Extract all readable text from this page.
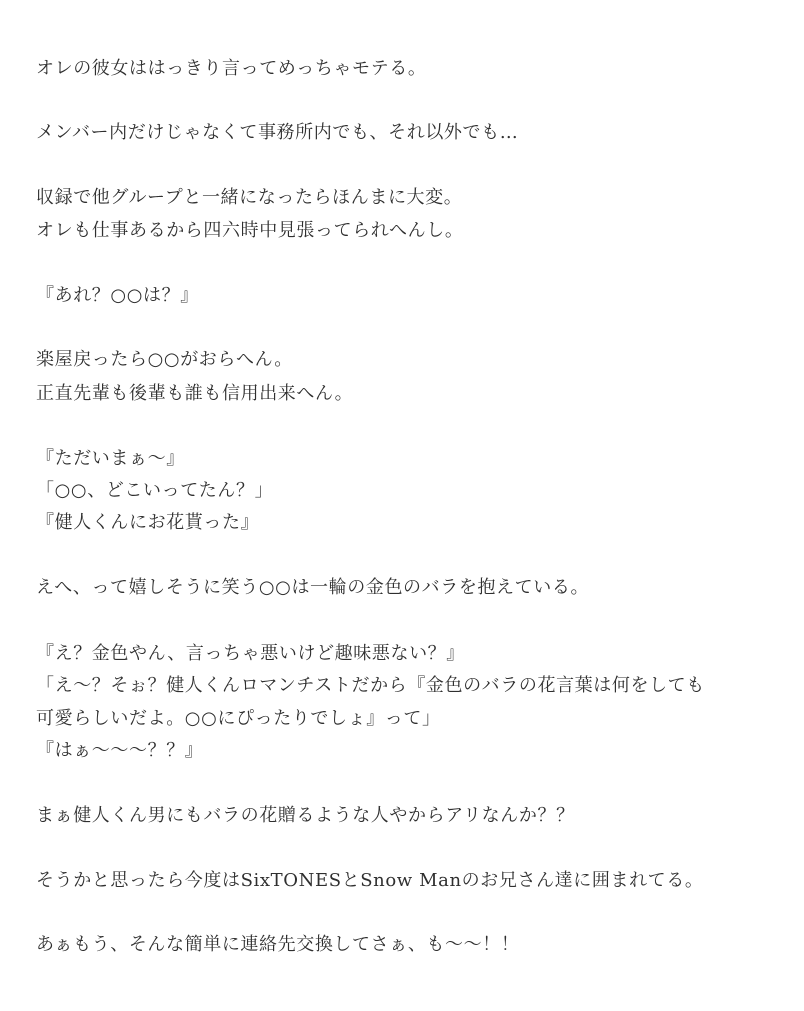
オレの彼女ははっきり言ってめっちゃモテる。
メンバー内だけじゃなくて事務所内でも、それ以外でも…
収録で他グループと一緒になったらほんまに大変。
オレも仕事あるから四六時中見張ってられへんし。
『あれ？○○は？』
楽屋戻ったら○○がおらへん。
正直先輩も後輩も誰も信用出来へん。
『ただいまぁ〜』
「○○、どこいってたん？」
『健人くんにお花貰った』
えへ、って嬉しそうに笑う○○は一輪の金色のバラを抱えている。
『え？金色やん、言っちゃ悪いけど趣味悪ない？』
「え〜？そぉ？健人くんロマンチストだから『金色のバラの花言葉は何をしても
可愛らしいだよ。○○にぴったりでしょ』って」
『はぁ〜〜〜？？』
まぁ健人くん男にもバラの花贈るような人やからアリなんか？？
そうかと思ったら今度はSixTONESとSnow Manのお兄さん達に囲まれてる。
あぁもう、そんな簡単に連絡先交換してさぁ、も〜〜！！
